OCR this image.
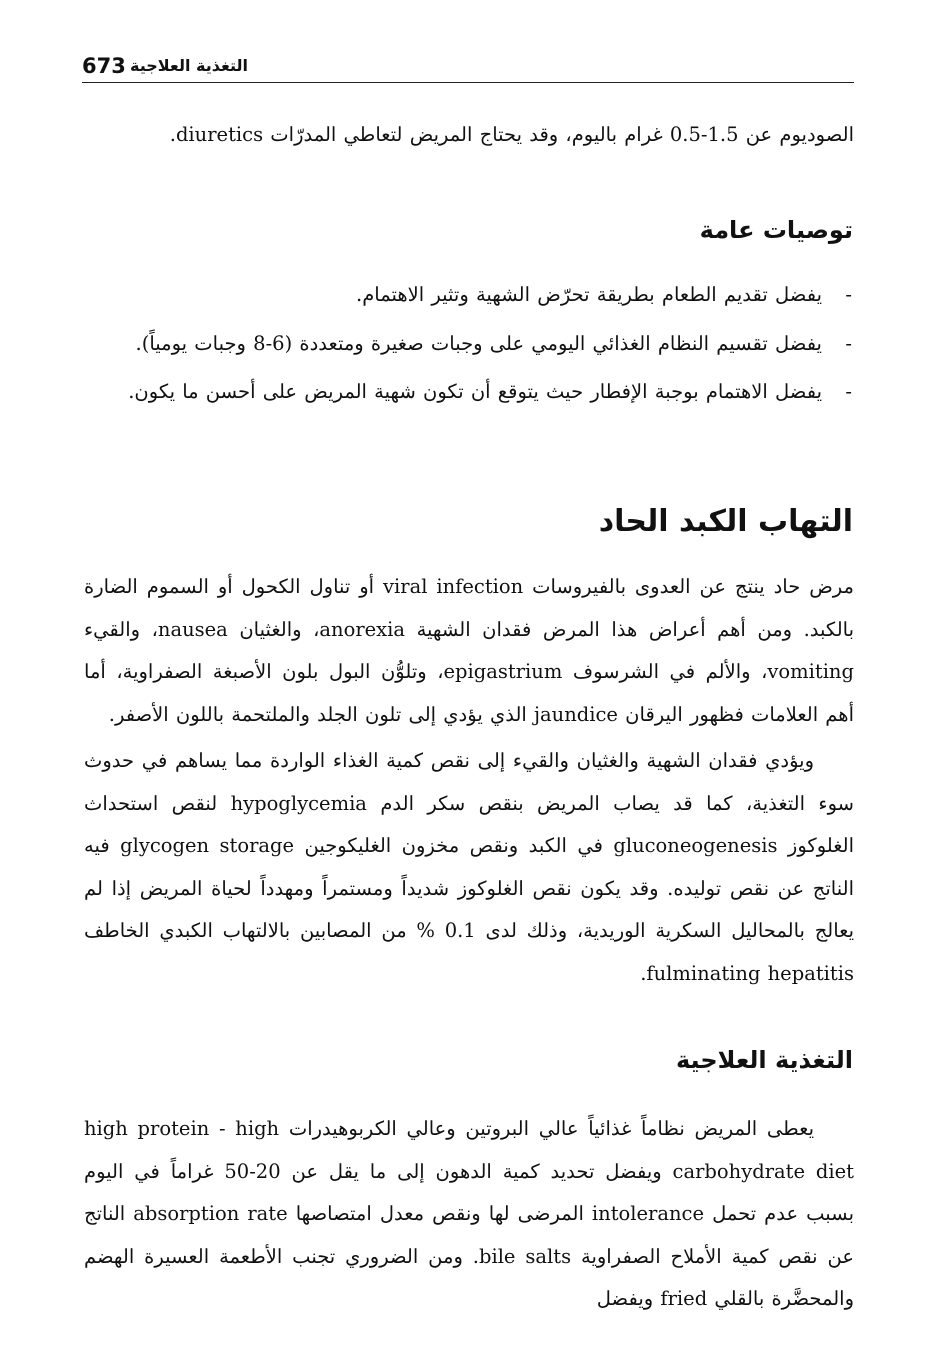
673 التغذية العلاجية

الصوديوم عن 1.5-0.5 غرام باليوم، وقد يحتاج المريض لتعاطي المدرّات diuretics.

توصيات عامة
-
يفضل تقديم الطعام بطريقة تحرّض الشهية وتثير الاهتمام.
-
يفضل تقسيم النظام الغذائي اليومي على وجبات صغيرة ومتعددة (6-8 وجبات يومياً).
-
يفضل الاهتمام بوجبة الإفطار حيث يتوقع أن تكون شهية المريض على أحسن ما يكون.
التهاب الكبد الحاد

مرض حاد ينتج عن العدوى بالفيروسات viral infection أو تناول الكحول أو السموم الضارة بالكبد. ومن أهم أعراض هذا المرض فقدان الشهية anorexia، والغثيان nausea، والقيء vomiting، والألم في الشرسوف epigastrium، وتلوُّن البول بلون الأصبغة الصفراوية، أما أهم العلامات فظهور اليرقان jaundice الذي يؤدي إلى تلون الجلد والملتحمة باللون الأصفر.

ويؤدي فقدان الشهية والغثيان والقيء إلى نقص كمية الغذاء الواردة مما يساهم في حدوث سوء التغذية، كما قد يصاب المريض بنقص سكر الدم hypoglycemia لنقص استحداث الغلوكوز gluconeogenesis في الكبد ونقص مخزون الغليكوجين glycogen storage فيه الناتج عن نقص توليده. وقد يكون نقص الغلوكوز شديداً ومستمراً ومهدداً لحياة المريض إذا لم يعالج بالمحاليل السكرية الوريدية، وذلك لدى 0.1 % من المصابين بالالتهاب الكبدي الخاطف fulminating hepatitis.

التغذية العلاجية

يعطى المريض نظاماً غذائياً عالي البروتين وعالي الكربوهيدرات high protein - high carbohydrate diet ويفضل تحديد كمية الدهون إلى ما يقل عن 20-50 غراماً في اليوم بسبب عدم تحمل intolerance المرضى لها ونقص معدل امتصاصها absorption rate الناتج عن نقص كمية الأملاح الصفراوية bile salts. ومن الضروري تجنب الأطعمة العسيرة الهضم والمحضَّرة بالقلي fried ويفضل
